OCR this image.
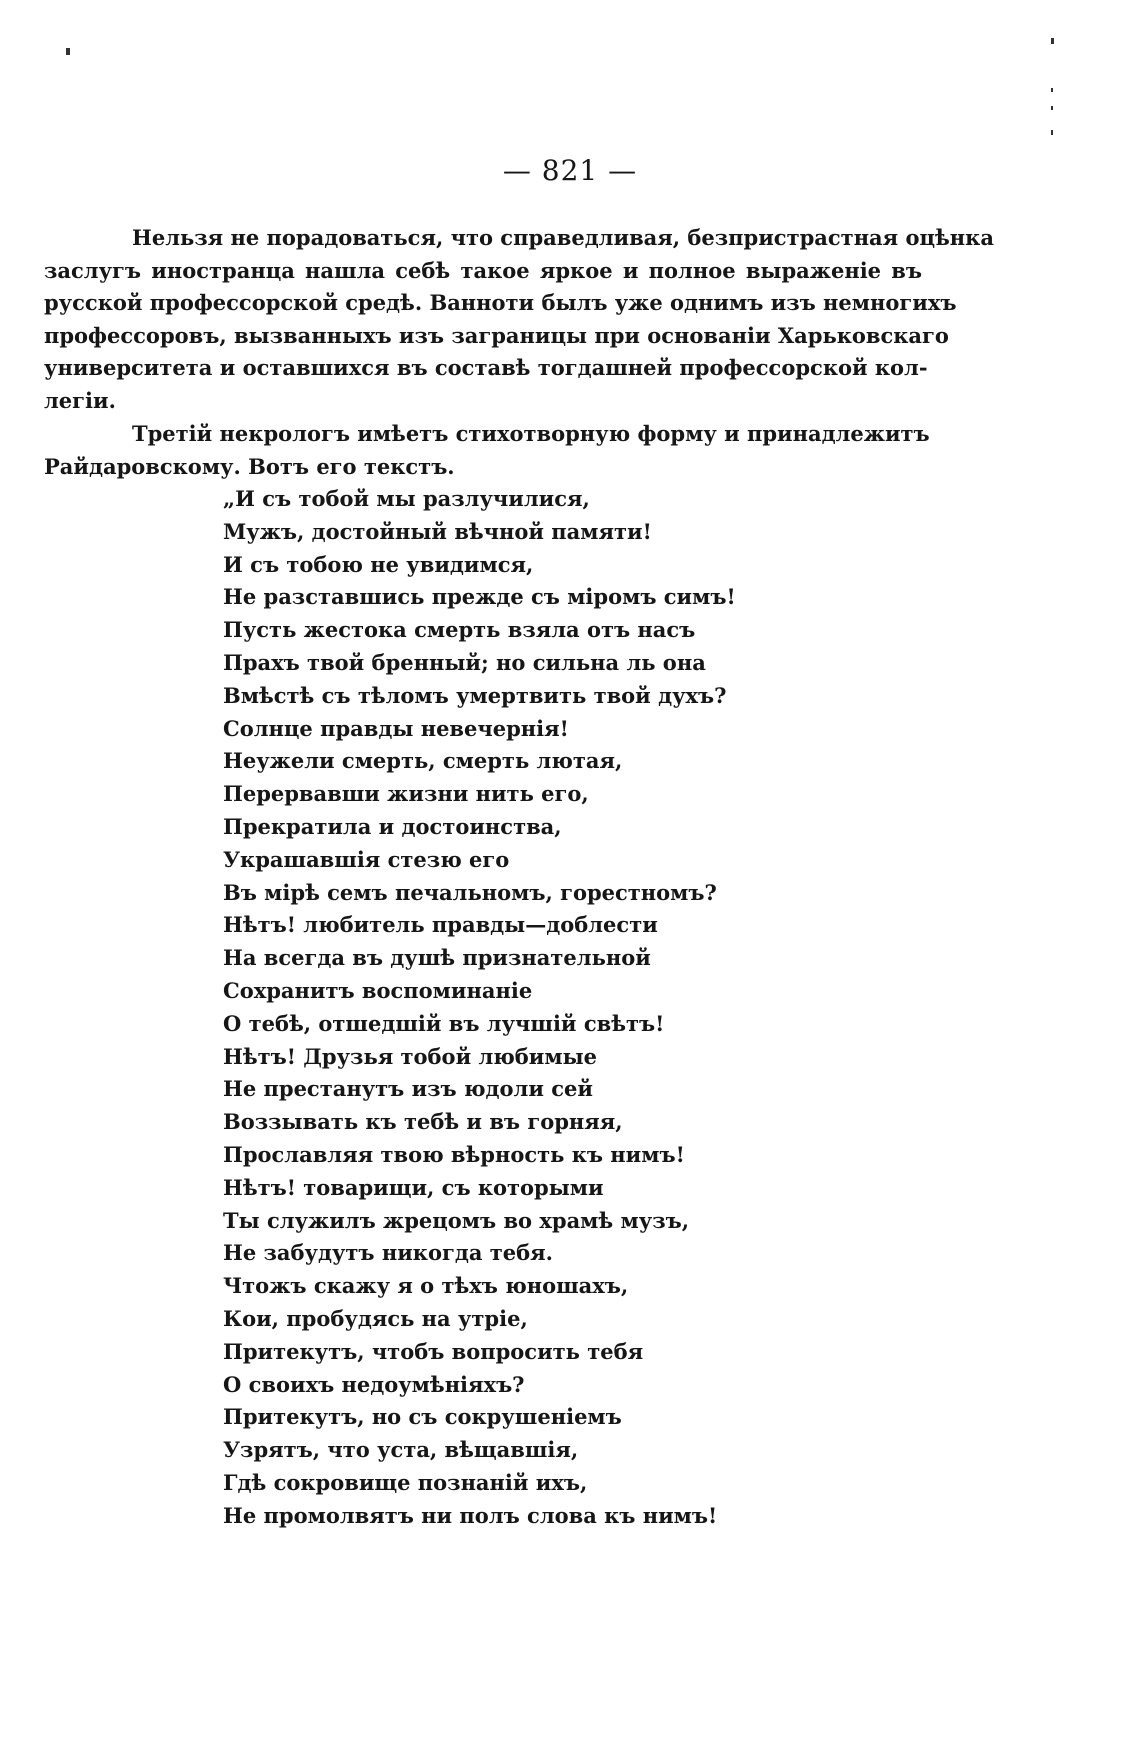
— 821 —
Нельзя не порадоваться, что справедливая, безпристрастная оцѣнка
заслугъ иностранца нашла себѣ такое яркое и полное выраженіе въ
русской профессорской средѣ. Ванноти былъ уже однимъ изъ немногихъ
профессоровъ, вызванныхъ изъ заграницы при основаніи Харьковскаго
университета и оставшихся въ составѣ тогдашней профессорской кол-
легіи.
Третій некрологъ имѣетъ стихотворную форму и принадлежитъ
Райдаровскому. Вотъ его текстъ.
„И съ тобой мы разлучилися,
Мужъ, достойный вѣчной памяти!
И съ тобою не увидимся,
Не разставшись прежде съ міромъ симъ!
Пусть жестока смерть взяла отъ насъ
Прахъ твой бренный; но сильна ль она
Вмѣстѣ съ тѣломъ умертвить твой духъ?
Солнце правды невечернія!
Неужели смерть, смерть лютая,
Перервавши жизни нить его,
Прекратила и достоинства,
Украшавшія стезю его
Въ мірѣ семъ печальномъ, горестномъ?
Нѣтъ! любитель правды—доблести
На всегда въ душѣ признательной
Сохранитъ воспоминаніе
О тебѣ, отшедшій въ лучшій свѣтъ!
Нѣтъ! Друзья тобой любимые
Не престанутъ изъ юдоли сей
Воззывать къ тебѣ и въ горняя,
Прославляя твою вѣрность къ нимъ!
Нѣтъ! товарищи, съ которыми
Ты служилъ жрецомъ во храмѣ музъ,
Не забудутъ никогда тебя.
Чтожъ скажу я о тѣхъ юношахъ,
Кои, пробудясь на утріе,
Притекутъ, чтобъ вопросить тебя
О своихъ недоумѣніяхъ?
Притекутъ, но съ сокрушеніемъ
Узрятъ, что уста, вѣщавшія,
Гдѣ сокровище познаній ихъ,
Не промолвятъ ни полъ слова къ нимъ!
